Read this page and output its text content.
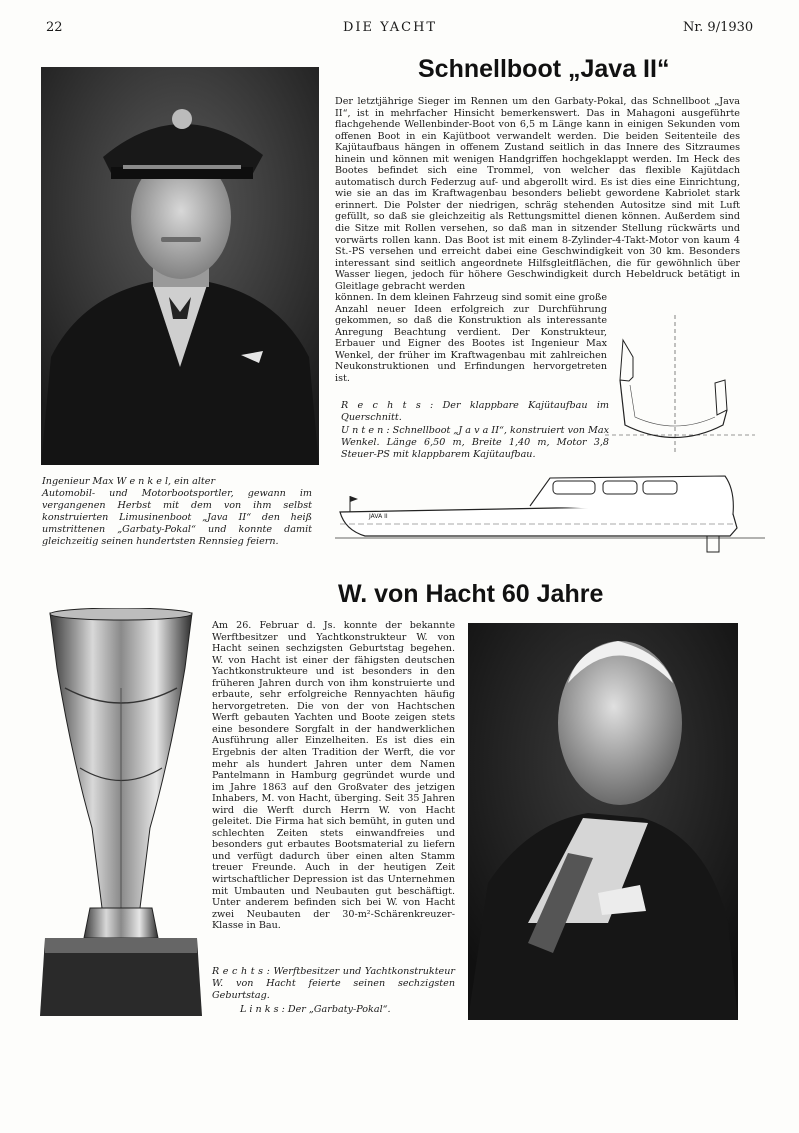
22	DIE YACHT	Nr. 9/1930
Schnellboot „Java II“
Der letztjährige Sieger im Rennen um den Garbaty-Pokal, das Schnellboot „Java II“, ist in mehrfacher Hinsicht bemerkenswert. Das in Mahagoni ausgeführte flachgehende Wellenbinder-Boot von 6,5 m Länge kann in einigen Sekunden vom offenen Boot in ein Kajütboot verwandelt werden. Die beiden Seitenteile des Kajütaufbaus hängen in offenem Zustand seitlich in das Innere des Sitzraumes hinein und können mit wenigen Handgriffen hochgeklappt werden. Im Heck des Bootes befindet sich eine Trommel, von welcher das flexible Kajütdach automatisch durch Federzug auf- und abgerollt wird. Es ist dies eine Einrichtung, wie sie an das im Kraftwagenbau besonders beliebt gewordene Kabriolet stark erinnert. Die Polster der niedrigen, schräg stehenden Autositze sind mit Luft gefüllt, so daß sie gleichzeitig als Rettungsmittel dienen können. Außerdem sind die Sitze mit Rollen versehen, so daß man in sitzender Stellung rückwärts und vorwärts rollen kann. Das Boot ist mit einem 8-Zylinder-4-Takt-Motor von kaum 4 St.-PS versehen und erreicht dabei eine Geschwindigkeit von 30 km. Besonders interessant sind seitlich angeordnete Hilfsgleitflächen, die für gewöhnlich über Wasser liegen, jedoch für höhere Geschwindigkeit durch Hebeldruck betätigt in Gleitlage gebracht werden
können. In dem kleinen Fahrzeug sind somit eine große Anzahl neuer Ideen erfolgreich zur Durchführung gekommen, so daß die Konstruktion als interessante Anregung Beachtung verdient. Der Konstrukteur, Erbauer und Eigner des Bootes ist Ingenieur Max Wenkel, der früher im Kraftwagenbau mit zahlreichen Neukonstruktionen und Erfindungen hervorgetreten ist.
R e c h t s : Der klappbare Kajütaufbau im Querschnitt.
U n t e n : Schnellboot „J a v a II“, konstruiert von Max Wenkel. Länge 6,50 m, Breite 1,40 m, Motor 3,8 Steuer-PS mit klappbarem Kajütaufbau.
Ingenieur Max W e n k e l, ein alter
Automobil- und Motorbootsportler, gewann im vergangenen Herbst mit dem von ihm selbst konstruierten Limusinenboot „Java II“ den heiß umstrittenen „Garbaty-Pokal“ und konnte damit gleichzeitig seinen hundertsten Rennsieg feiern.
JAVA II
W. von Hacht 60 Jahre
Am 26. Februar d. Js. konnte der bekannte Werftbesitzer und Yachtkonstrukteur W. von Hacht seinen sechzigsten Geburtstag begehen. W. von Hacht ist einer der fähigsten deutschen Yachtkonstrukteure und ist besonders in den früheren Jahren durch von ihm konstruierte und erbaute, sehr erfolgreiche Rennyachten häufig hervorgetreten. Die von der von Hachtschen Werft gebauten Yachten und Boote zeigen stets eine besondere Sorgfalt in der handwerklichen Ausführung aller Einzelheiten. Es ist dies ein Ergebnis der alten Tradition der Werft, die vor mehr als hundert Jahren unter dem Namen Pantelmann in Hamburg gegründet wurde und im Jahre 1863 auf den Großvater des jetzigen Inhabers, M. von Hacht, überging. Seit 35 Jahren wird die Werft durch Herrn W. von Hacht geleitet. Die Firma hat sich bemüht, in guten und schlechten Zeiten stets einwandfreies und besonders gut erbautes Bootsmaterial zu liefern und verfügt dadurch über einen alten Stamm treuer Freunde. Auch in der heutigen Zeit wirtschaftlicher Depression ist das Unternehmen mit Umbauten und Neubauten gut beschäftigt. Unter anderem befinden sich bei W. von Hacht zwei Neubauten der 30-m²-Schärenkreuzer-Klasse in Bau.
R e c h t s : Werftbesitzer und Yachtkonstrukteur W. von Hacht feierte seinen sechzigsten Geburtstag.
L i n k s : Der „Garbaty-Pokal“.
